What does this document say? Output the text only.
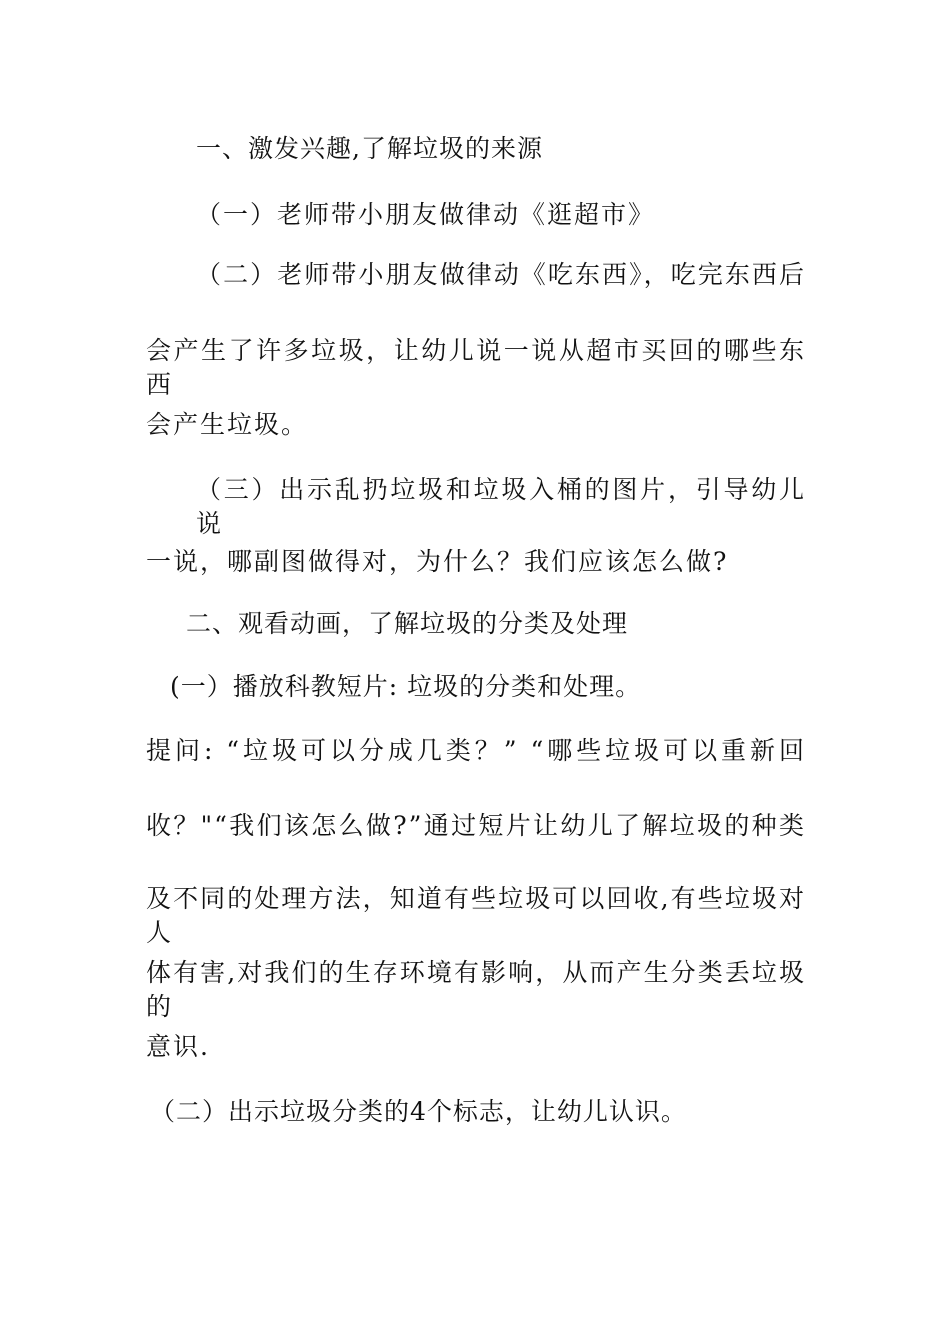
一、激发兴趣,了解垃圾的来源
（一）老师带小朋友做律动《逛超市》
（二）老师带小朋友做律动《吃东西》，吃完东西后
会产生了许多垃圾，让幼儿说一说从超市买回的哪些东西
会产生垃圾。
（三）出示乱扔垃圾和垃圾入桶的图片，引导幼儿说
一说，哪副图做得对，为什么？我们应该怎么做?
二、观看动画，了解垃圾的分类及处理
(一）播放科教短片: 垃圾的分类和处理。
提问: “垃圾可以分成几类？” “哪些垃圾可以重新回
收？"“我们该怎么做?”通过短片让幼儿了解垃圾的种类
及不同的处理方法，知道有些垃圾可以回收,有些垃圾对人
体有害,对我们的生存环境有影响，从而产生分类丢垃圾的
意识.
（二）出示垃圾分类的4个标志，让幼儿认识。
